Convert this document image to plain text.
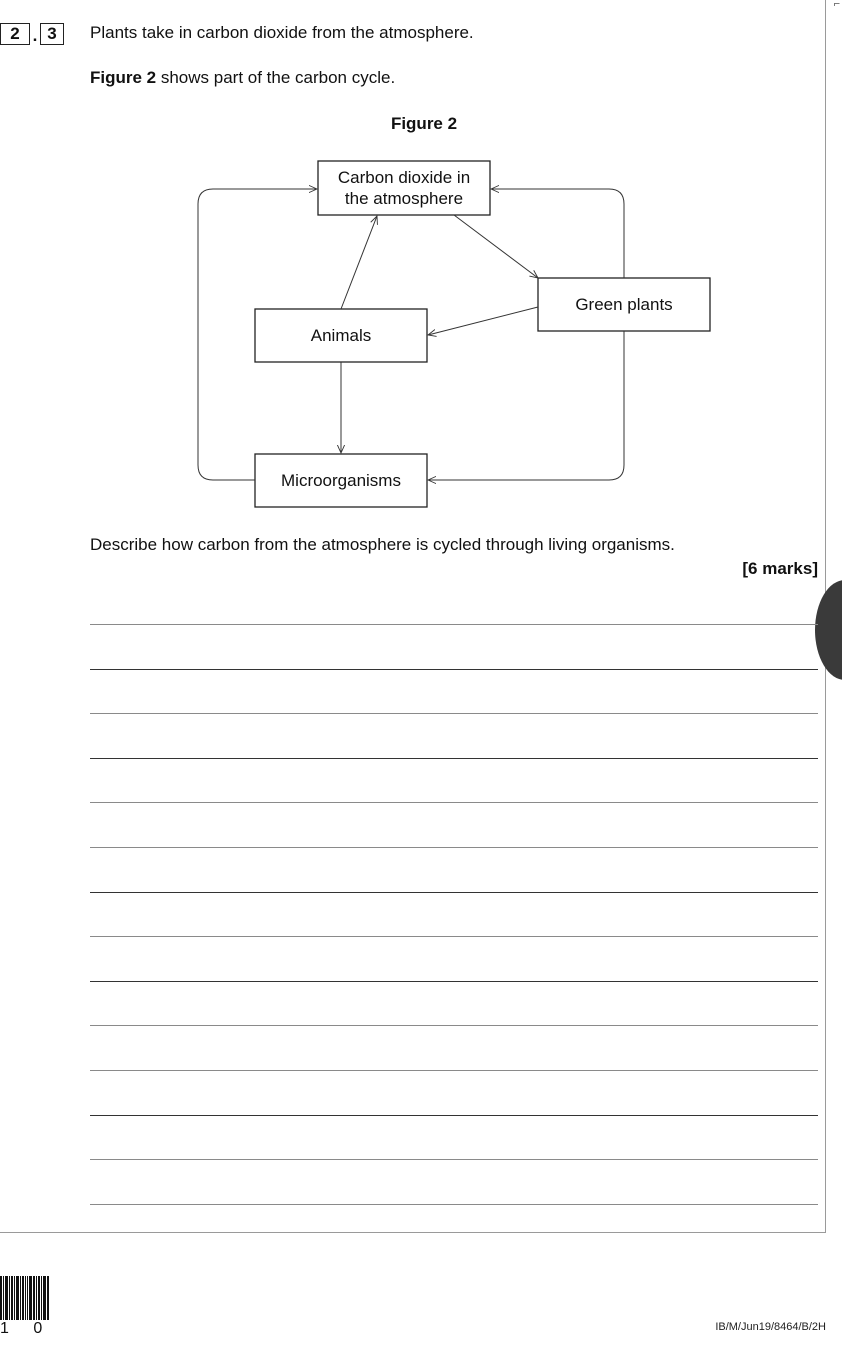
⌐
2 . 3	Plants take in carbon dioxide from the atmosphere.
Figure 2 shows part of the carbon cycle.
Figure 2
Carbon dioxide in
the atmosphere
Green plants
Animals
Microorganisms
Describe how carbon from the atmosphere is cycled through living organisms.
[6 marks]
1 0	IB/M/Jun19/8464/B/2H
